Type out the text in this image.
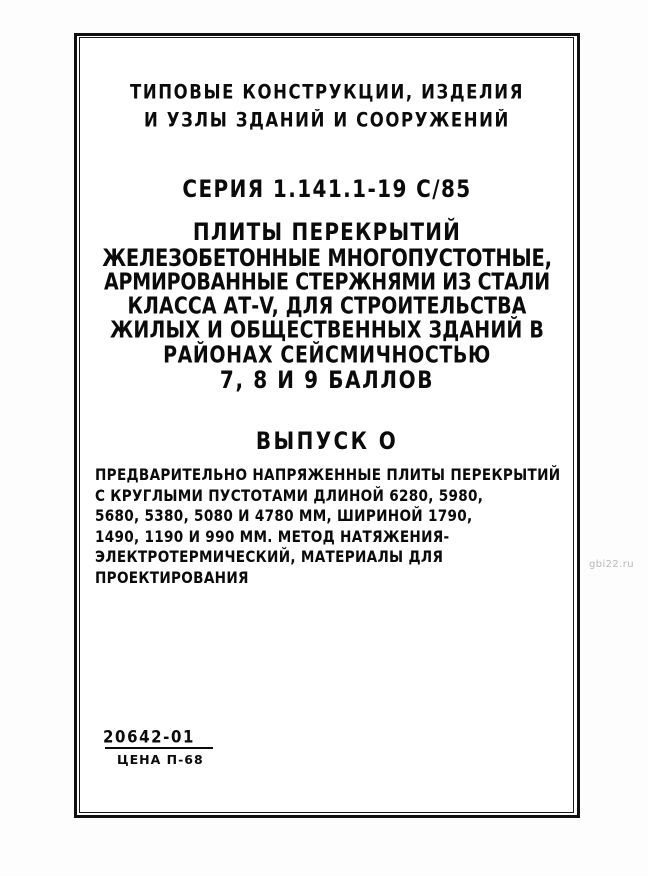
ТИПОВЫЕ КОНСТРУКЦИИ, ИЗДЕЛИЯ
И УЗЛЫ ЗДАНИЙ И СООРУЖЕНИЙ
СЕРИЯ 1.141.1-19 С/85
ПЛИТЫ ПЕРЕКРЫТИЙ
ЖЕЛЕЗОБЕТОННЫЕ МНОГОПУСТОТНЫЕ,
АРМИРОВАННЫЕ СТЕРЖНЯМИ ИЗ СТАЛИ
КЛАССА АТ-V, ДЛЯ СТРОИТЕЛЬСТВА
ЖИЛЫХ И ОБЩЕСТВЕННЫХ ЗДАНИЙ В
РАЙОНАХ СЕЙСМИЧНОСТЬЮ
7, 8 И 9 БАЛЛОВ
ВЫПУСК О
ПРЕДВАРИТЕЛЬНО НАПРЯЖЕННЫЕ ПЛИТЫ ПЕРЕКРЫТИЙ
С КРУГЛЫМИ ПУСТОТАМИ ДЛИНОЙ 6280, 5980,
5680, 5380, 5080 И 4780 ММ, ШИРИНОЙ 1790,
1490, 1190 И 990 ММ. МЕТОД НАТЯЖЕНИЯ-
ЭЛЕКТРОТЕРМИЧЕСКИЙ, МАТЕРИАЛЫ ДЛЯ
ПРОЕКТИРОВАНИЯ
20642-01
ЦЕНА П-68
gbi22.ru
